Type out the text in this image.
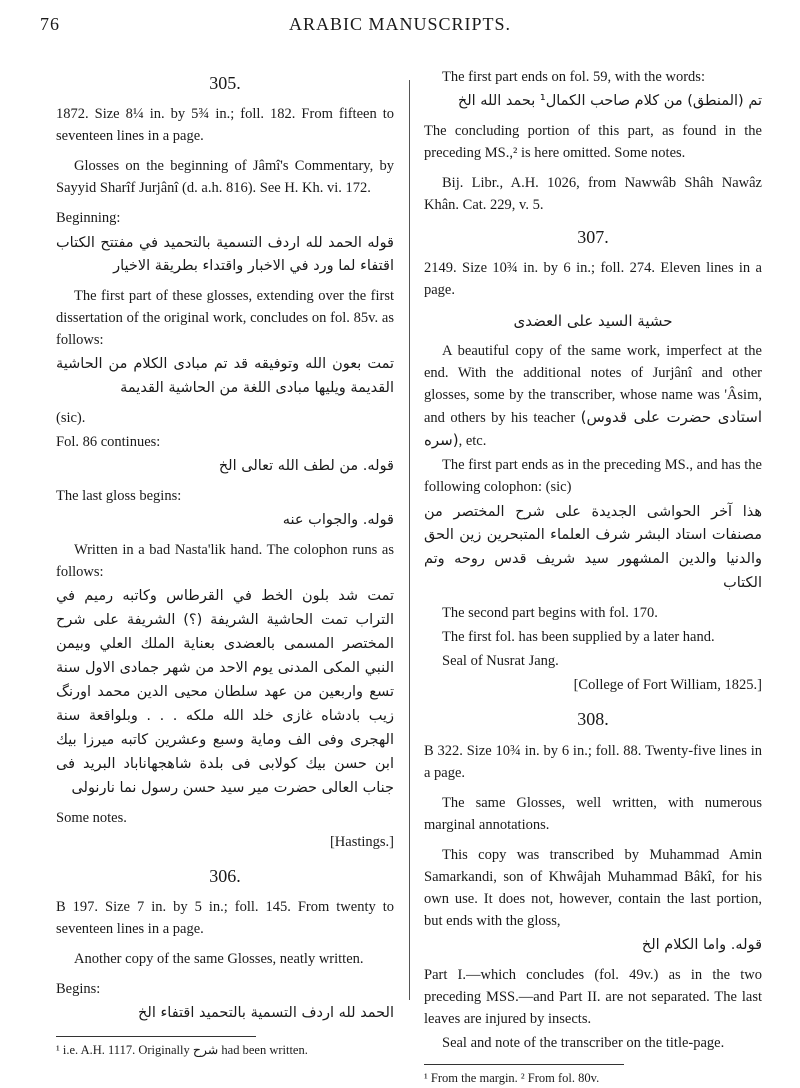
76	ARABIC MANUSCRIPTS.
305.

1872. Size 8¼ in. by 5¾ in.; foll. 182. From fifteen to seventeen lines in a page.

Glosses on the beginning of Jâmî's Commentary, by Sayyid Sharîf Jurjânî (d. a.h. 816). See H. Kh. vi. 172.

Beginning:

قوله الحمد لله اردف التسمية بالتحميد في مفتتح الكتاب اقتفاء لما ورد في الاخبار واقتداء بطريقة الاخيار

The first part of these glosses, extending over the first dissertation of the original work, concludes on fol. 85v. as follows:

تمت بعون الله وتوفيقه قد تم مبادی الكلام من الحاشية القديمة ويليها مبادی اللغة من الحاشية القديمة

(sic).

Fol. 86 continues:

قوله. من لطف الله تعالى الخ

The last gloss begins:

قوله. والجواب عنه

Written in a bad Nasta'lik hand. The colophon runs as follows:

تمت شد بلون الخط في القرطاس وكاتبه رميم في التراب تمت الحاشية الشريفة (؟) الشريفة على شرح المختصر المسمى بالعضدى بعناية الملك العلي وبيمن النبي المكى المدنى يوم الاحد من شهر جمادى الاول سنة تسع واربعين من عهد سلطان محيى الدين محمد اورنگ زيب بادشاه غازى خلد الله ملكه . . . وبلواقعة سنة الهجرى وفى الف وماية وسبع وعشرين كاتبه ميرزا بيك ابن حسن بيك كولابى فى بلدة شاهجهاناباد البريد فى جناب العالى حضرت مير سيد حسن رسول نما نارنولى

Some notes.

[Hastings.]

306.

B 197. Size 7 in. by 5 in.; foll. 145. From twenty to seventeen lines in a page.

Another copy of the same Glosses, neatly written.

Begins:

الحمد لله اردف التسمية بالتحميد اقتفاء الخ

¹ i.e. A.H. 1117. Originally شرح had been written.

The first part ends on fol. 59, with the words:

تم (المنطق) من كلام صاحب الكمال¹ بحمد الله الخ

The concluding portion of this part, as found in the preceding MS.,² is here omitted. Some notes.

Bij. Libr., A.H. 1026, from Nawwâb Shâh Nawâz Khân. Cat. 229, v. 5.

307.

2149. Size 10¾ in. by 6 in.; foll. 274. Eleven lines in a page.

حشية السيد على العضدى

A beautiful copy of the same work, imperfect at the end. With the additional notes of Jurjânî and other glosses, some by the transcriber, whose name was 'Âsim, and others by his teacher (استادی حضرت علی قدوس سره), etc.

The first part ends as in the preceding MS., and has the following colophon: (sic)

هذا آخر الحواشى الجديدة على شرح المختصر من مصنفات استاد البشر شرف العلماء المتبحرين زين الحق والدنيا والدين المشهور سيد شريف قدس روحه وتم الكتاب

The second part begins with fol. 170.

The first fol. has been supplied by a later hand.

Seal of Nusrat Jang.

[College of Fort William, 1825.]

308.

B 322. Size 10¾ in. by 6 in.; foll. 88. Twenty-five lines in a page.

The same Glosses, well written, with numerous marginal annotations.

This copy was transcribed by Muhammad Amin Samarkandi, son of Khwâjah Muhammad Bâkî, for his own use. It does not, however, contain the last portion, but ends with the gloss,

قوله. واما الكلام الخ

Part I.—which concludes (fol. 49v.) as in the two preceding MSS.—and Part II. are not separated. The last leaves are injured by insects.

Seal and note of the transcriber on the title-page.

¹ From the margin. ² From fol. 80v.
